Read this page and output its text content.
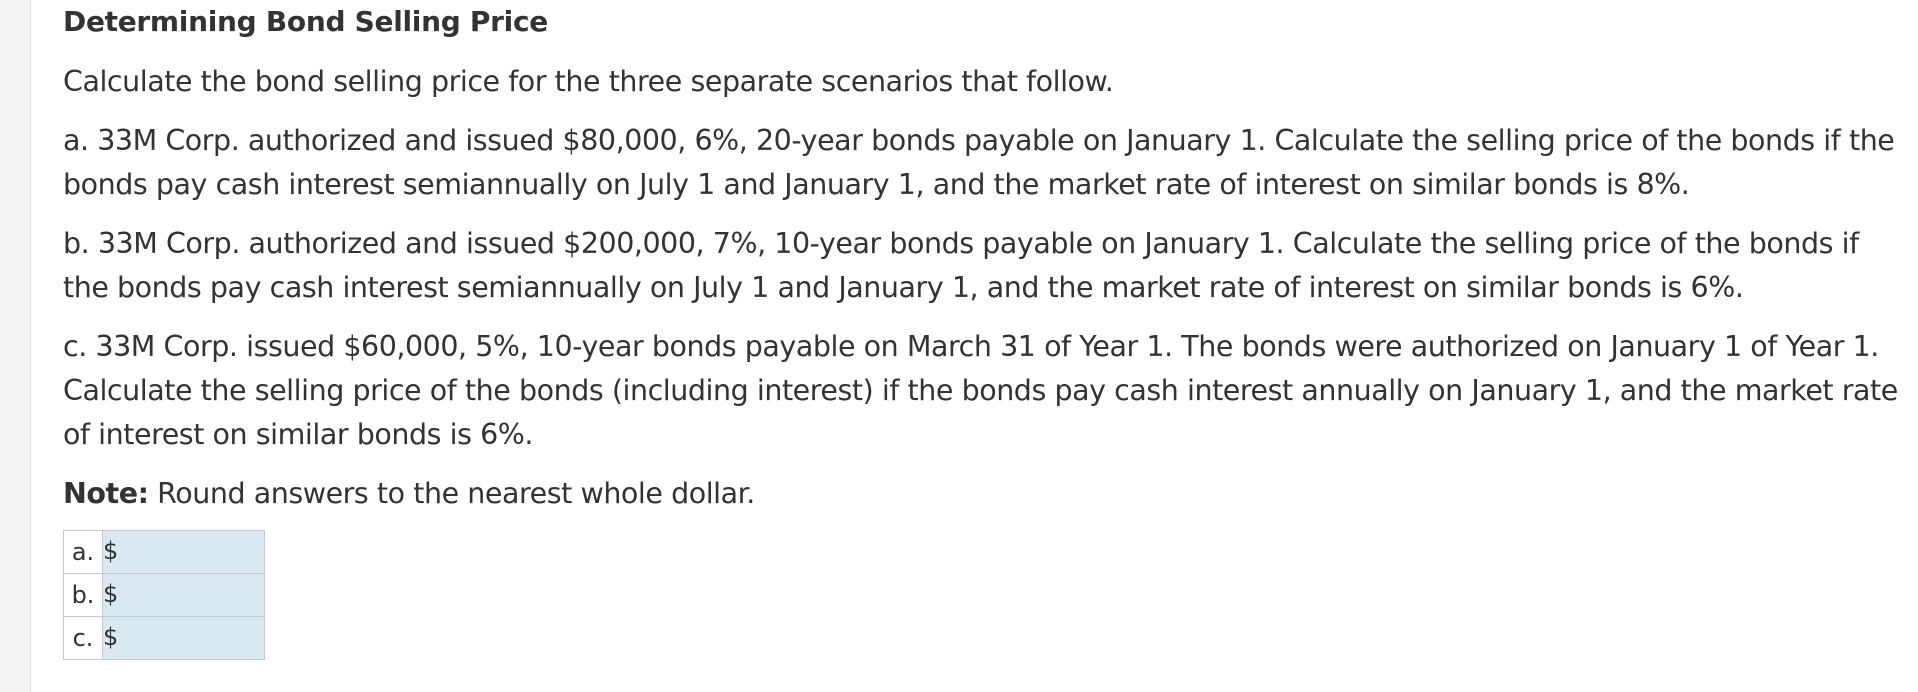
Determining Bond Selling Price

Calculate the bond selling price for the three separate scenarios that follow.

a. 33M Corp. authorized and issued $80,000, 6%, 20-year bonds payable on January 1. Calculate the selling price of the bonds if the
bonds pay cash interest semiannually on July 1 and January 1, and the market rate of interest on similar bonds is 8%.

b. 33M Corp. authorized and issued $200,000, 7%, 10-year bonds payable on January 1. Calculate the selling price of the bonds if
the bonds pay cash interest semiannually on July 1 and January 1, and the market rate of interest on similar bonds is 6%.

c. 33M Corp. issued $60,000, 5%, 10-year bonds payable on March 31 of Year 1. The bonds were authorized on January 1 of Year 1.
Calculate the selling price of the bonds (including interest) if the bonds pay cash interest annually on January 1, and the market rate
of interest on similar bonds is 6%.

Note: Round answers to the nearest whole dollar.

a.	$
b.	$
c.	$
